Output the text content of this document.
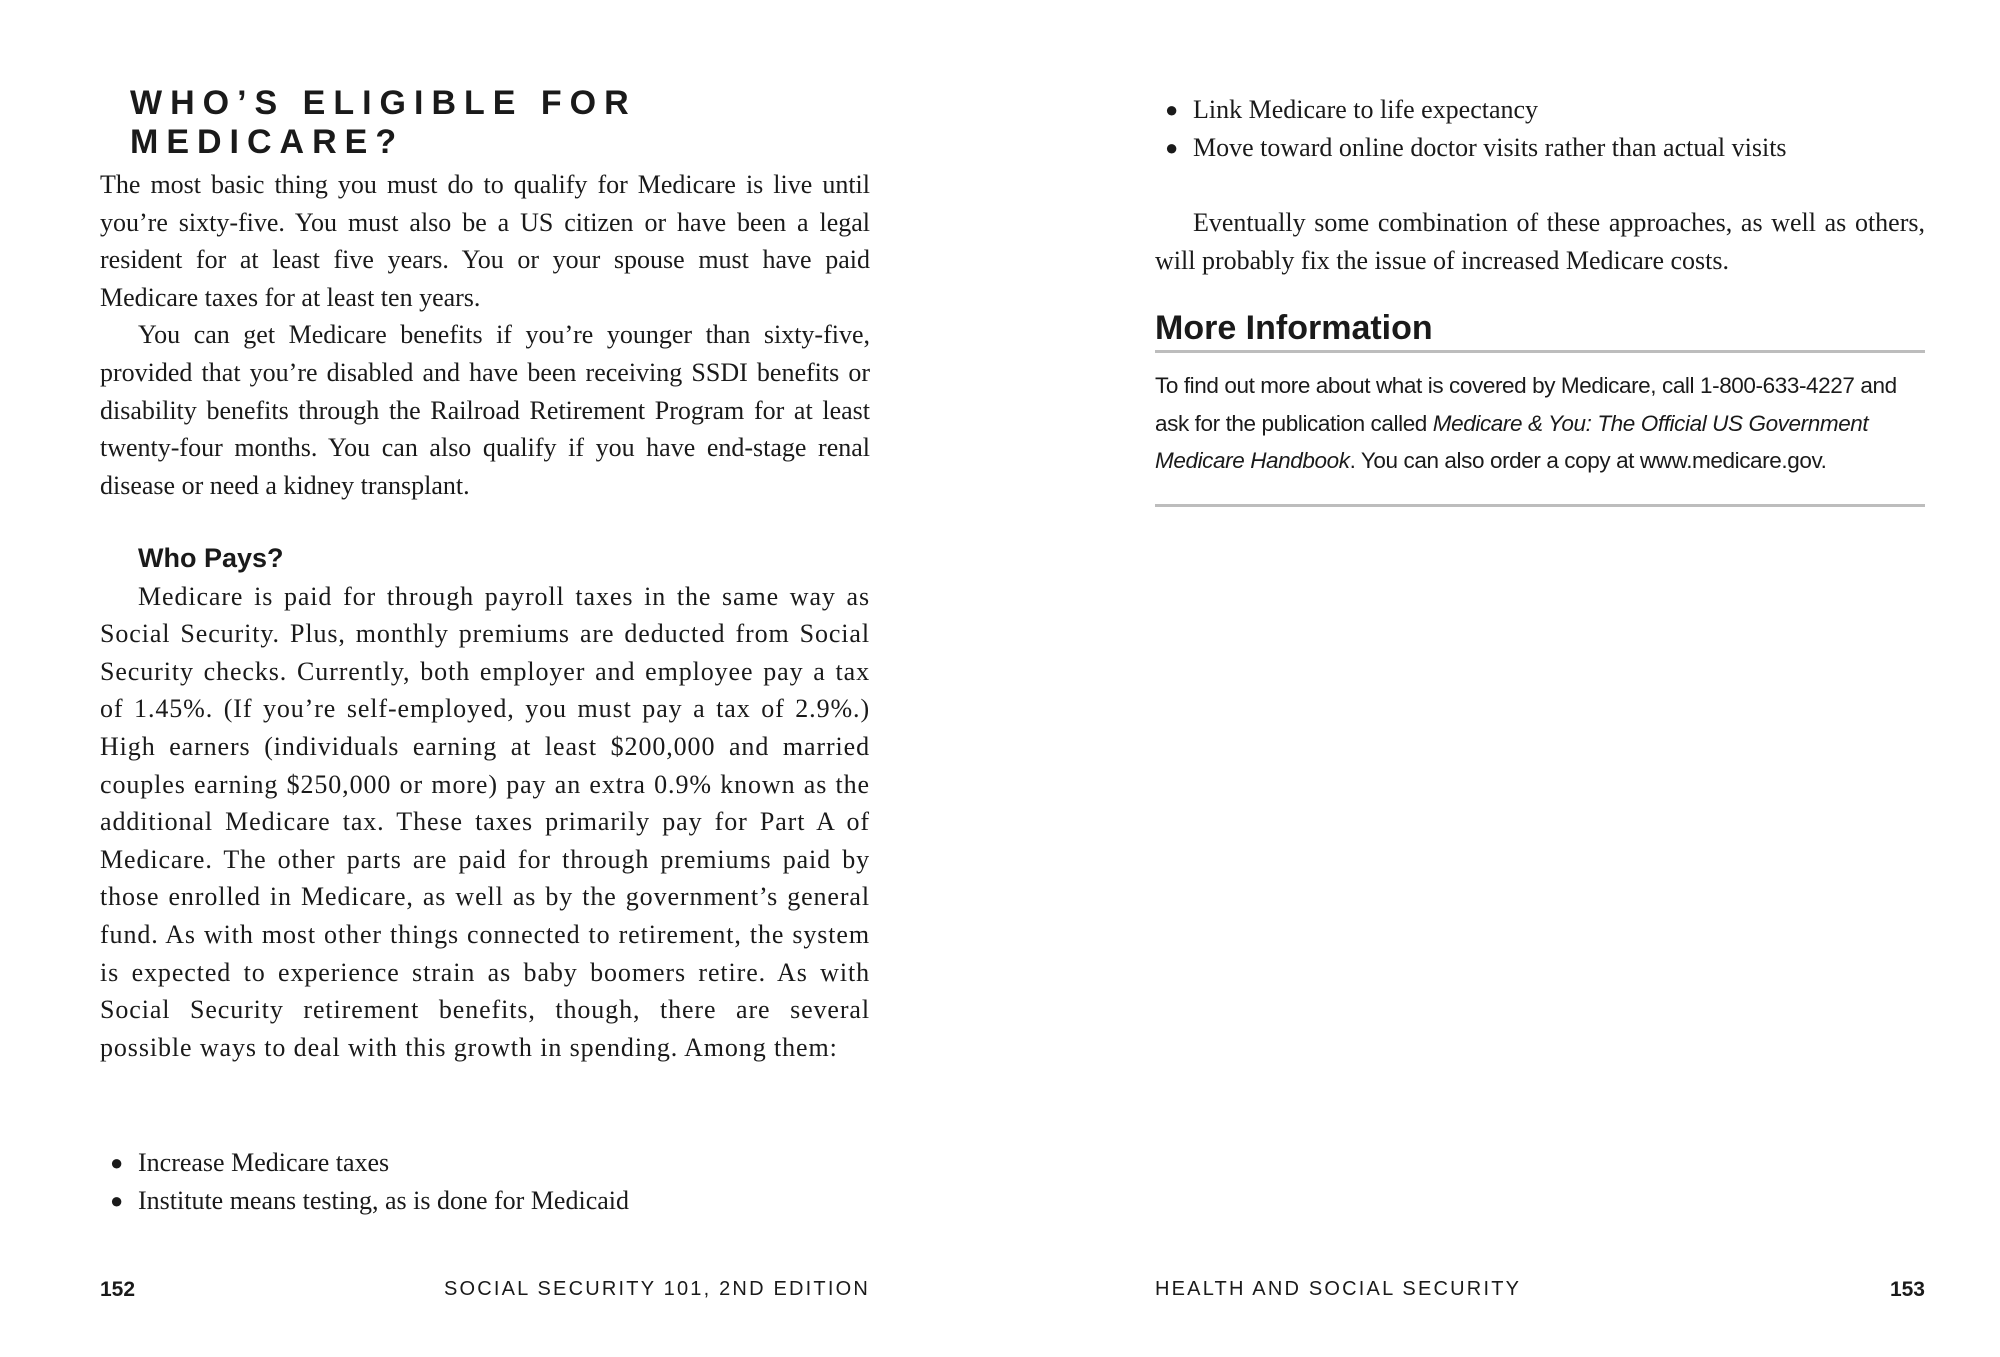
WHO’S ELIGIBLE FOR MEDICARE?

The most basic thing you must do to qualify for Medicare is live until you’re sixty-five. You must also be a US citizen or have been a legal resident for at least five years. You or your spouse must have paid Medicare taxes for at least ten years.

You can get Medicare benefits if you’re younger than sixty-five, provided that you’re disabled and have been receiving SSDI benefits or disability benefits through the Railroad Retirement Program for at least twenty-four months. You can also qualify if you have end-stage renal disease or need a kidney transplant.

Who Pays?

Medicare is paid for through payroll taxes in the same way as Social Security. Plus, monthly premiums are deducted from Social Security checks. Currently, both employer and employee pay a tax of 1.45%. (If you’re self-employed, you must pay a tax of 2.9%.) High earners (individuals earning at least $200,000 and married couples earning $250,000 or more) pay an extra 0.9% known as the additional Medicare tax. These taxes primarily pay for Part A of Medicare. The other parts are paid for through premiums paid by those enrolled in Medicare, as well as by the government’s general fund. As with most other things connected to retirement, the system is expected to experience strain as baby boomers retire. As with Social Security retirement benefits, though, there are several possible ways to deal with this growth in spending. Among them:

● Increase Medicare taxes
● Institute means testing, as is done for Medicaid
152	SOCIAL SECURITY 101, 2ND EDITION
● Link Medicare to life expectancy
● Move toward online doctor visits rather than actual visits

Eventually some combination of these approaches, as well as others, will probably fix the issue of increased Medicare costs.

More Information

To find out more about what is covered by Medicare, call 1-800-633-4227 and ask for the publication called Medicare & You: The Official US Government Medicare Handbook. You can also order a copy at www.medicare.gov.

HEALTH AND SOCIAL SECURITY	153
